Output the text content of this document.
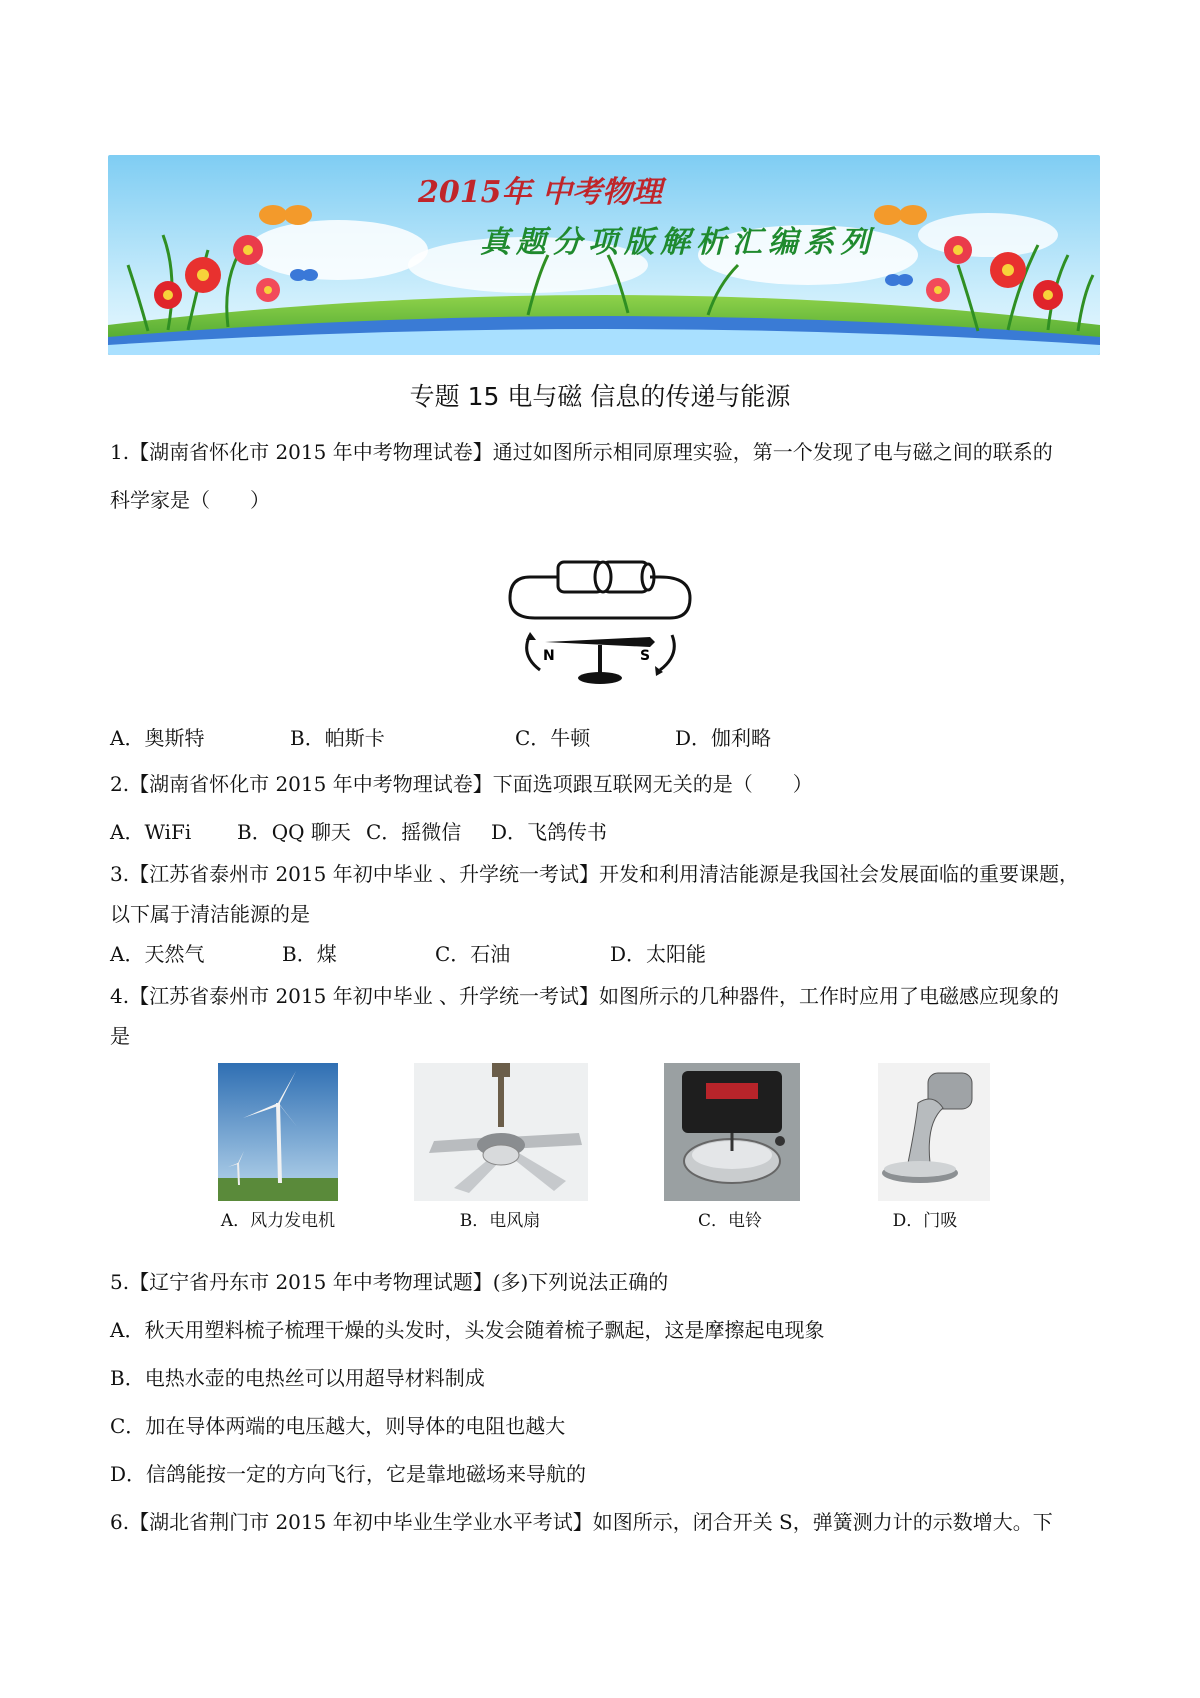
2015年 中考物理
真题分项版解析汇编系列
专题 15 电与磁 信息的传递与能源
1.【湖南省怀化市 2015 年中考物理试卷】通过如图所示相同原理实验，第一个发现了电与磁之间的联系的
科学家是（　　）
N	S
A．奥斯特	B．帕斯卡	C．牛顿	D．伽利略
2.【湖南省怀化市 2015 年中考物理试卷】下面选项跟互联网无关的是（　　）
A．WiFi B．QQ 聊天 C．摇微信 D．飞鸽传书
3.【江苏省泰州市 2015 年初中毕业 、升学统一考试】开发和利用清洁能源是我国社会发展面临的重要课题，
以下属于清洁能源的是
A．天然气	B．煤	C．石油	D．太阳能
4.【江苏省泰州市 2015 年初中毕业 、升学统一考试】如图所示的几种器件，工作时应用了电磁感应现象的
是
A．风力发电机	B．电风扇	C．电铃	D．门吸
5.【辽宁省丹东市 2015 年中考物理试题】(多)下列说法正确的
A．秋天用塑料梳子梳理干燥的头发时，头发会随着梳子飘起，这是摩擦起电现象
B．电热水壶的电热丝可以用超导材料制成
C．加在导体两端的电压越大，则导体的电阻也越大
D．信鸽能按一定的方向飞行，它是靠地磁场来导航的
6.【湖北省荆门市 2015 年初中毕业生学业水平考试】如图所示，闭合开关 S，弹簧测力计的示数增大。下
